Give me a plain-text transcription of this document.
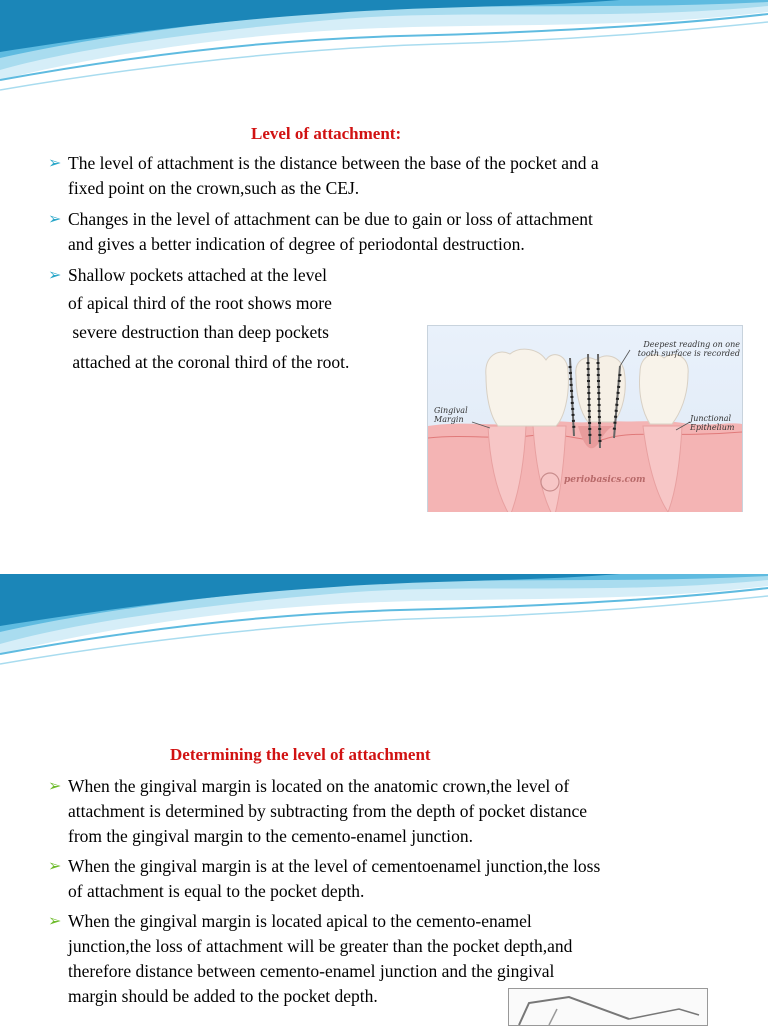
Level of attachment:
➢ The level of attachment is the distance between the base of the pocket and a
fixed point on the crown,such as the CEJ.
➢ Changes in the level of attachment can be due to gain or loss of attachment
and gives a better indication of degree of periodontal destruction.
➢ Shallow pockets attached at the level
of apical third of the root shows more
severe destruction than deep pockets
attached at the coronal third of the root.
Deepest reading on one tooth surface is recorded
Gingival Margin	Junctional Epithelium
periobasics.com
Determining the level of attachment
➢ When the gingival margin is located on the anatomic crown,the level of
attachment is determined by subtracting from the depth of pocket distance
from the gingival margin to the cemento-enamel junction.
➢ When the gingival margin is at the level of cementoenamel junction,the loss
of attachment is equal to the pocket depth.
➢ When the gingival margin is located apical to the cemento-enamel
junction,the loss of attachment will be greater than the pocket depth,and
therefore distance between cemento-enamel junction and the gingival
margin should be added to the pocket depth.
